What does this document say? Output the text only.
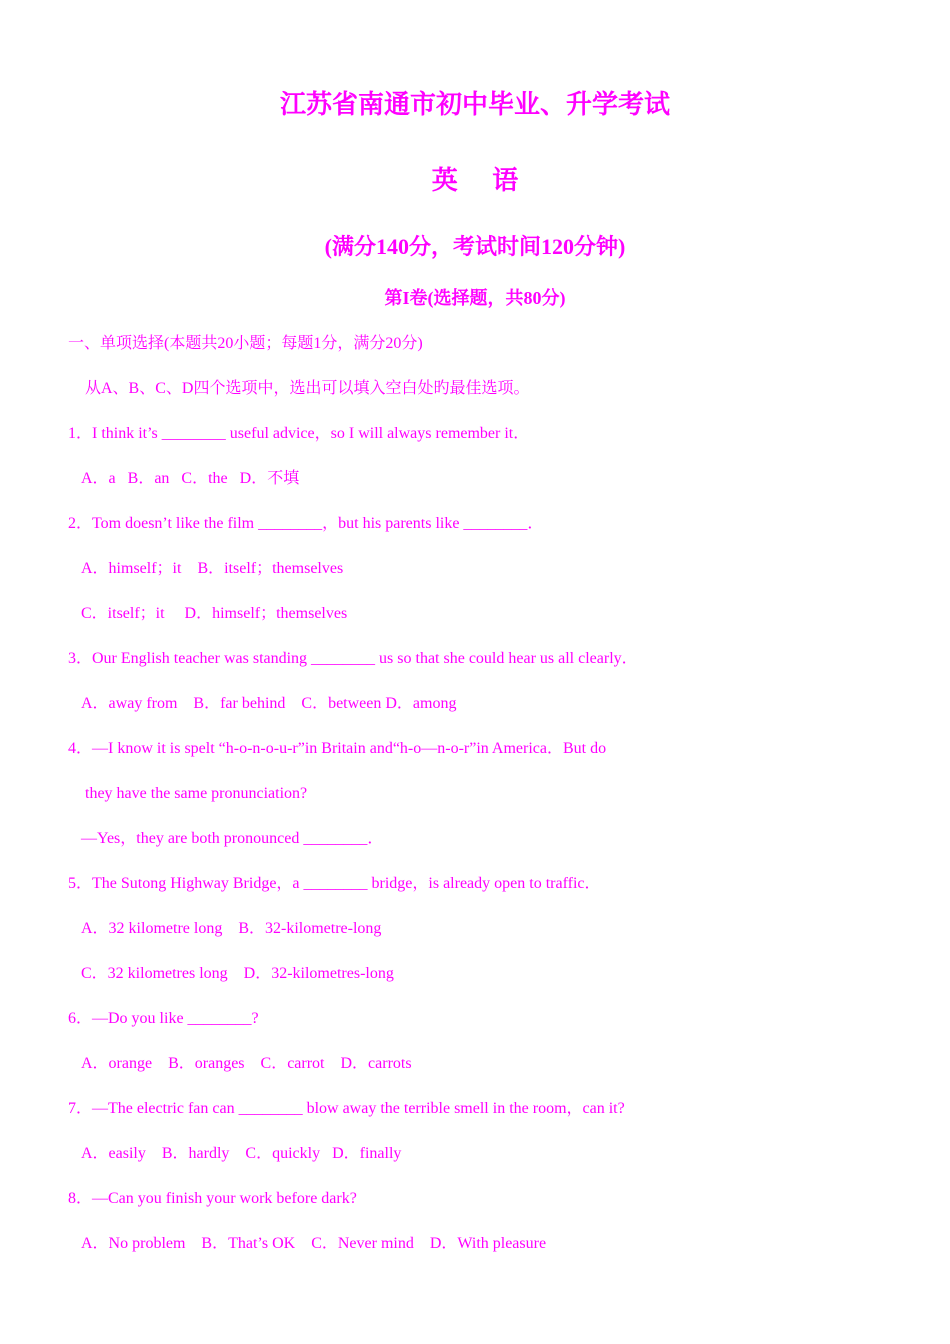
江苏省南通市初中毕业、升学考试
英 语
(满分140分，考试时间120分钟)
第I卷(选择题，共80分)
一、单项选择(本题共20小题；每题1分，满分20分)
从A、B、C、D四个选项中，选出可以填入空白处旳最佳选项。
1．I think it’s ________ useful advice，so I will always remember it．
A．a   B．an   C．the   D．不填
2．Tom doesn’t like the film ________，but his parents like ________．
A．himself；it    B．itself；themselves
C．itself；it     D．himself；themselves
3．Our English teacher was standing ________ us so that she could hear us all clearly．
A．away from    B．far behind    C．between D．among
4．—I know it is spelt “h-o-n-o-u-r”in Britain and“h-o—n-o-r”in America．But do
they have the same pronunciation?
—Yes，they are both pronounced ________．
5．The Sutong Highway Bridge，a ________ bridge，is already open to traffic．
A．32 kilometre long    B．32-kilometre-long
C．32 kilometres long    D．32-kilometres-long
6．—Do you like ________?
A．orange    B．oranges    C．carrot    D．carrots
7．—The electric fan can ________ blow away the terrible smell in the room，can it?
A．easily    B．hardly    C．quickly   D．finally
8．—Can you finish your work before dark?
A．No problem    B．That’s OK    C．Never mind    D．With pleasure
